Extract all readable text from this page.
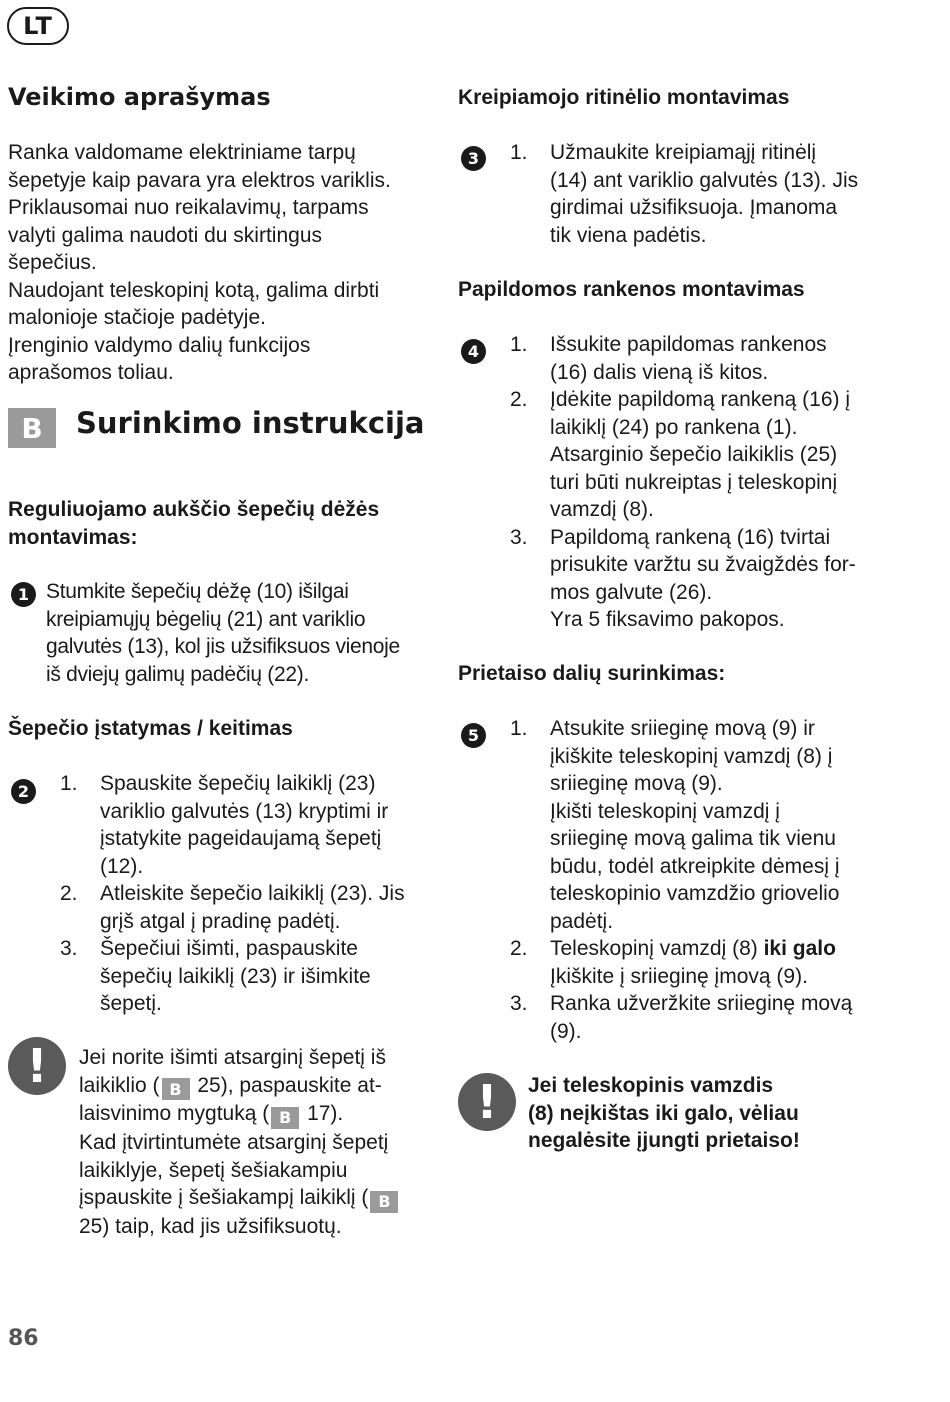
LT
Veikimo aprašymas
Ranka valdomame elektriniame tarpų
šepetyje kaip pavara yra elektros variklis.
Priklausomai nuo reikalavimų, tarpams
valyti galima naudoti du skirtingus
šepečius.
Naudojant teleskopinį kotą, galima dirbti
malonioje stačioje padėtyje.
Įrenginio valdymo dalių funkcijos
aprašomos toliau.
B	Surinkimo instrukcija
Reguliuojamo aukščio šepečių dėžės
montavimas:
1 Stumkite šepečių dėžę (10) išilgai
kreipiamųjų bėgelių (21) ant variklio
galvutės (13), kol jis užsifiksuos vienoje
iš dviejų galimų padėčių (22).
Šepečio įstatymas / keitimas
2	1. Spauskite šepečių laikiklį (23)
variklio galvutės (13) kryptimi ir
įstatykite pageidaujamą šepetį
(12).
2. Atleiskite šepečio laikiklį (23). Jis
grįš atgal į pradinę padėtį.
3. Šepečiui išimti, paspauskite
šepečių laikiklį (23) ir išimkite
šepetį.
!	Jei norite išimti atsarginį šepetį iš
laikiklio ( B 25), paspauskite at-
laisvinimo mygtuką ( B 17).
Kad įtvirtintumėte atsarginį šepetį
laikiklyje, šepetį šešiakampiu
įspauskite į šešiakampį laikiklį ( B
25) taip, kad jis užsifiksuotų.
Kreipiamojo ritinėlio montavimas
3	1. Užmaukite kreipiamąjį ritinėlį
(14) ant variklio galvutės (13). Jis
girdimai užsifiksuoja. Įmanoma
tik viena padėtis.
Papildomos rankenos montavimas
4	1. Išsukite papildomas rankenos
(16) dalis vieną iš kitos.
2. Įdėkite papildomą rankeną (16) į
laikiklį (24) po rankena (1).
Atsarginio šepečio laikiklis (25)
turi būti nukreiptas į teleskopinį
vamzdį (8).
3. Papildomą rankeną (16) tvirtai
prisukite varžtu su žvaigždės for-
mos galvute (26).
Yra 5 fiksavimo pakopos.
Prietaiso dalių surinkimas:
5	1. Atsukite sriieginę movą (9) ir
įkiškite teleskopinį vamzdį (8) į
sriieginę movą (9).
Įkišti teleskopinį vamzdį į
sriieginę movą galima tik vienu
būdu, todėl atkreipkite dėmesį į
teleskopinio vamzdžio griovelio
padėtį.
2. Teleskopinį vamzdį (8) iki galo
Įkiškite į sriieginę įmovą (9).
3. Ranka užveržkite sriieginę movą
(9).
!	Jei teleskopinis vamzdis
(8) neįkištas iki galo, vėliau
negalėsite įjungti prietaiso!
86
